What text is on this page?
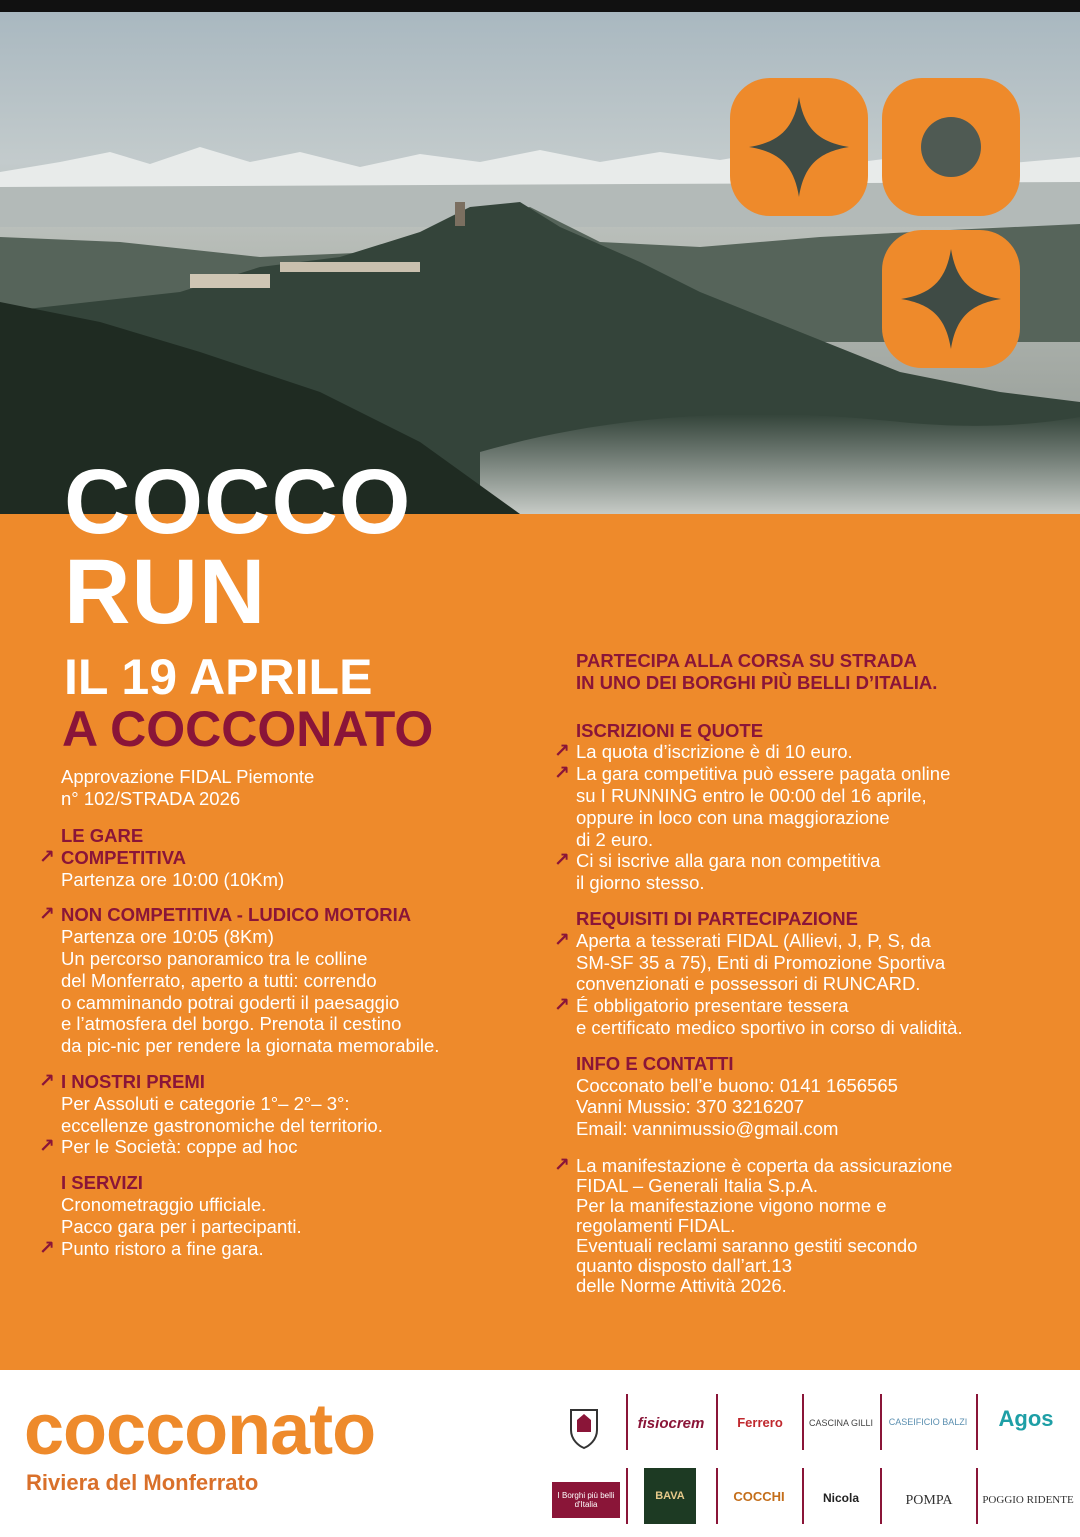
COCCO
RUN
IL 19 APRILE
A COCCONATO
Approvazione FIDAL Piemonte
n° 102/STRADA 2026
LE GARE
↗ COMPETITIVA
Partenza ore 10:00 (10Km)
↗ NON COMPETITIVA - LUDICO MOTORIA
Partenza ore 10:05 (8Km)
Un percorso panoramico tra le colline
del Monferrato, aperto a tutti: correndo
o camminando potrai goderti il paesaggio
e l’atmosfera del borgo. Prenota il cestino
da pic-nic per rendere la giornata memorabile.
↗ I NOSTRI PREMI
Per Assoluti e categorie 1°– 2°– 3°:
eccellenze gastronomiche del territorio.
↗ Per le Società: coppe ad hoc
I SERVIZI
Cronometraggio ufficiale.
Pacco gara per i partecipanti.
↗ Punto ristoro a fine gara.
PARTECIPA ALLA CORSA SU STRADA
IN UNO DEI BORGHI PIÙ BELLI D’ITALIA.
ISCRIZIONI E QUOTE
↗ La quota d’iscrizione è di 10 euro.
↗ La gara competitiva può essere pagata online
su I RUNNING entro le 00:00 del 16 aprile,
oppure in loco con una maggiorazione
di 2 euro.
↗ Ci si iscrive alla gara non competitiva
il giorno stesso.
REQUISITI DI PARTECIPAZIONE
↗ Aperta a tesserati FIDAL (Allievi, J, P, S, da
SM-SF 35 a 75), Enti di Promozione Sportiva
convenzionati e possessori di RUNCARD.
↗ É obbligatorio presentare tessera
e certificato medico sportivo in corso di validità.
INFO E CONTATTI
Cocconato bell’e buono: 0141 1656565
Vanni Mussio: 370 3216207
Email: vannimussio@gmail.com
↗ La manifestazione è coperta da assicurazione
FIDAL – Generali Italia S.p.A.
Per la manifestazione vigono norme e
regolamenti FIDAL.
Eventuali reclami saranno gestiti secondo
quanto disposto dall’art.13
delle Norme Attività 2026.
cocconato
Riviera del Monferrato
fisiocrem	Ferrero	CASCINA GILLI	CASEIFICIO BALZI	Agos
I Borghi più belli d'Italia
BAVA	COCCHI	Nicola	POMPA	POGGIO RIDENTE
